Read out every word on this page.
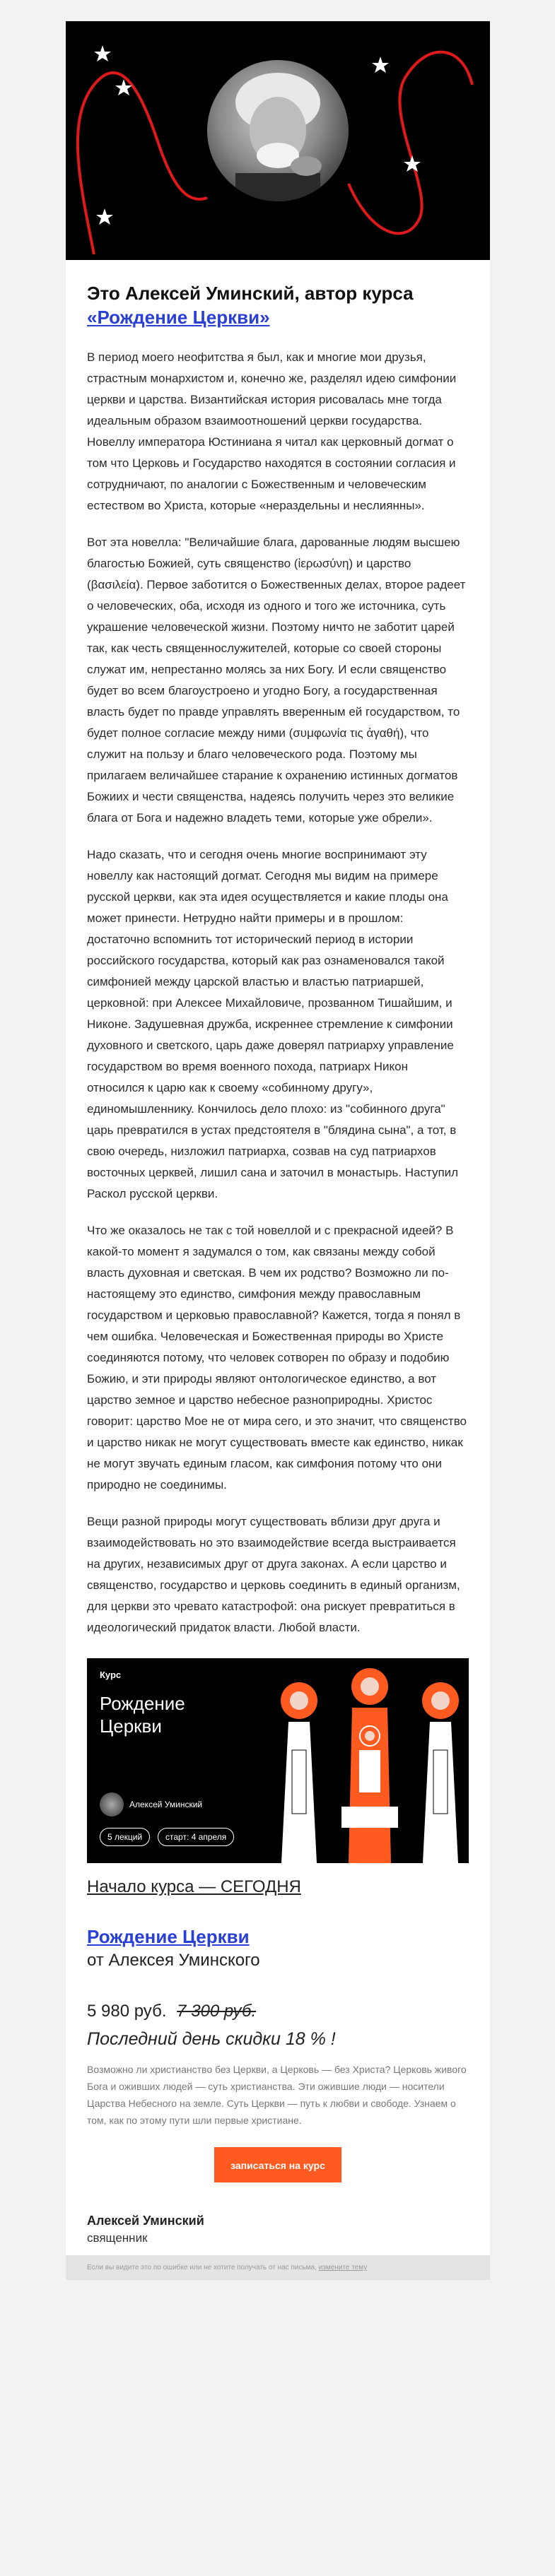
Это Алексей Уминский, автор курса «Рождение Церкви»

В период моего неофитства я был, как и многие мои друзья, страстным монархистом и, конечно же, разделял идею симфонии церкви и царства. Византийская история рисовалась мне тогда идеальным образом взаимоотношений церкви государства. Новеллу императора Юстиниана я читал как церковный догмат о том что Церковь и Государство находятся в состоянии согласия и сотрудничают, по аналогии с Божественным и человеческим естеством во Христа, которые «нераздельны и неслиянны».

Вот эта новелла: "Величайшие блага, дарованные людям высшею благостью Божией, суть священство (ἱερωσύνη) и царство (βασιλεία). Первое заботится о Божественных делах, второе радеет о человеческих, оба, исходя из одного и того же источника, суть украшение человеческой жизни. Поэтому ничто не заботит царей так, как честь священнослужителей, которые со своей стороны служат им, непрестанно молясь за них Богу. И если священство будет во всем благоустроено и угодно Богу, а государственная власть будет по правде управлять вверенным ей государством, то будет полное согласие между ними (συμφωνία τις ἀγαθή), что служит на пользу и благо человеческого рода. Поэтому мы прилагаем величайшее старание к охранению истинных догматов Божиих и чести священства, надеясь получить через это великие блага от Бога и надежно владеть теми, которые уже обрели».

Надо сказать, что и сегодня очень многие воспринимают эту новеллу как настоящий догмат. Сегодня мы видим на примере русской церкви, как эта идея осуществляется и какие плоды она может принести. Нетрудно найти примеры и в прошлом: достаточно вспомнить тот исторический период в истории российского государства, который как раз ознаменовался такой симфонией между царской властью и властью патриаршей, церковной: при Алексее Михайловиче, прозванном Тишайшим, и Никоне. Задушевная дружба, искреннее стремление к симфонии духовного и светского, царь даже доверял патриарху управление государством во время военного похода, патриарх Никон относился к царю как к своему «собинному другу», единомышленнику. Кончилось дело плохо: из "собинного друга" царь превратился в устах предстоятеля в "блядина сына", а тот, в свою очередь, низложил патриарха, созвав на суд патриархов восточных церквей, лишил сана и заточил в монастырь. Наступил Раскол русской церкви.

Что же оказалось не так с той новеллой и с прекрасной идеей? В какой-то момент я задумался о том, как связаны между собой власть духовная и светская. В чем их родство? Возможно ли по-настоящему это единство, симфония между православным государством и церковью православной? Кажется, тогда я понял в чем ошибка. Человеческая и Божественная природы во Христе соединяются потому, что человек сотворен по образу и подобию Божию, и эти природы являют онтологическое единство, а вот царство земное и царство небесное разноприродны. Христос говорит: царство Мое не от мира сего, и это значит, что священство и царство никак не могут существовать вместе как единство, никак не могут звучать единым гласом, как симфония потому что они природно не соединимы.

Вещи разной природы могут существовать вблизи друг друга и взаимодействовать но это взаимодействие всегда выстраивается на других, независимых друг от друга законах. А если царство и священство, государство и церковь соединить в единый организм, для церкви это чревато катастрофой: она рискует превратиться в идеологический придаток власти. Любой власти.

Курс
Рождение
Церкви
Алексей Уминский
5 лекций	старт: 4 апреля
Начало курса — СЕГОДНЯ
Рождение Церкви
от Алексея Уминского
5 980 руб. 7 300 руб.
Последний день скидки 18 % !

Возможно ли христианство без Церкви, а Церковь — без Христа? Церковь живого Бога и оживших людей — суть христианства. Эти ожившие люди — носители Царства Небесного на земле. Суть Церкви — путь к любви и свободе. Узнаем о том, как по этому пути шли первые христиане.

записаться на курс
Алексей Уминский
священник
Если вы видите это по ошибке или не хотите получать от нас письма, измените тему
